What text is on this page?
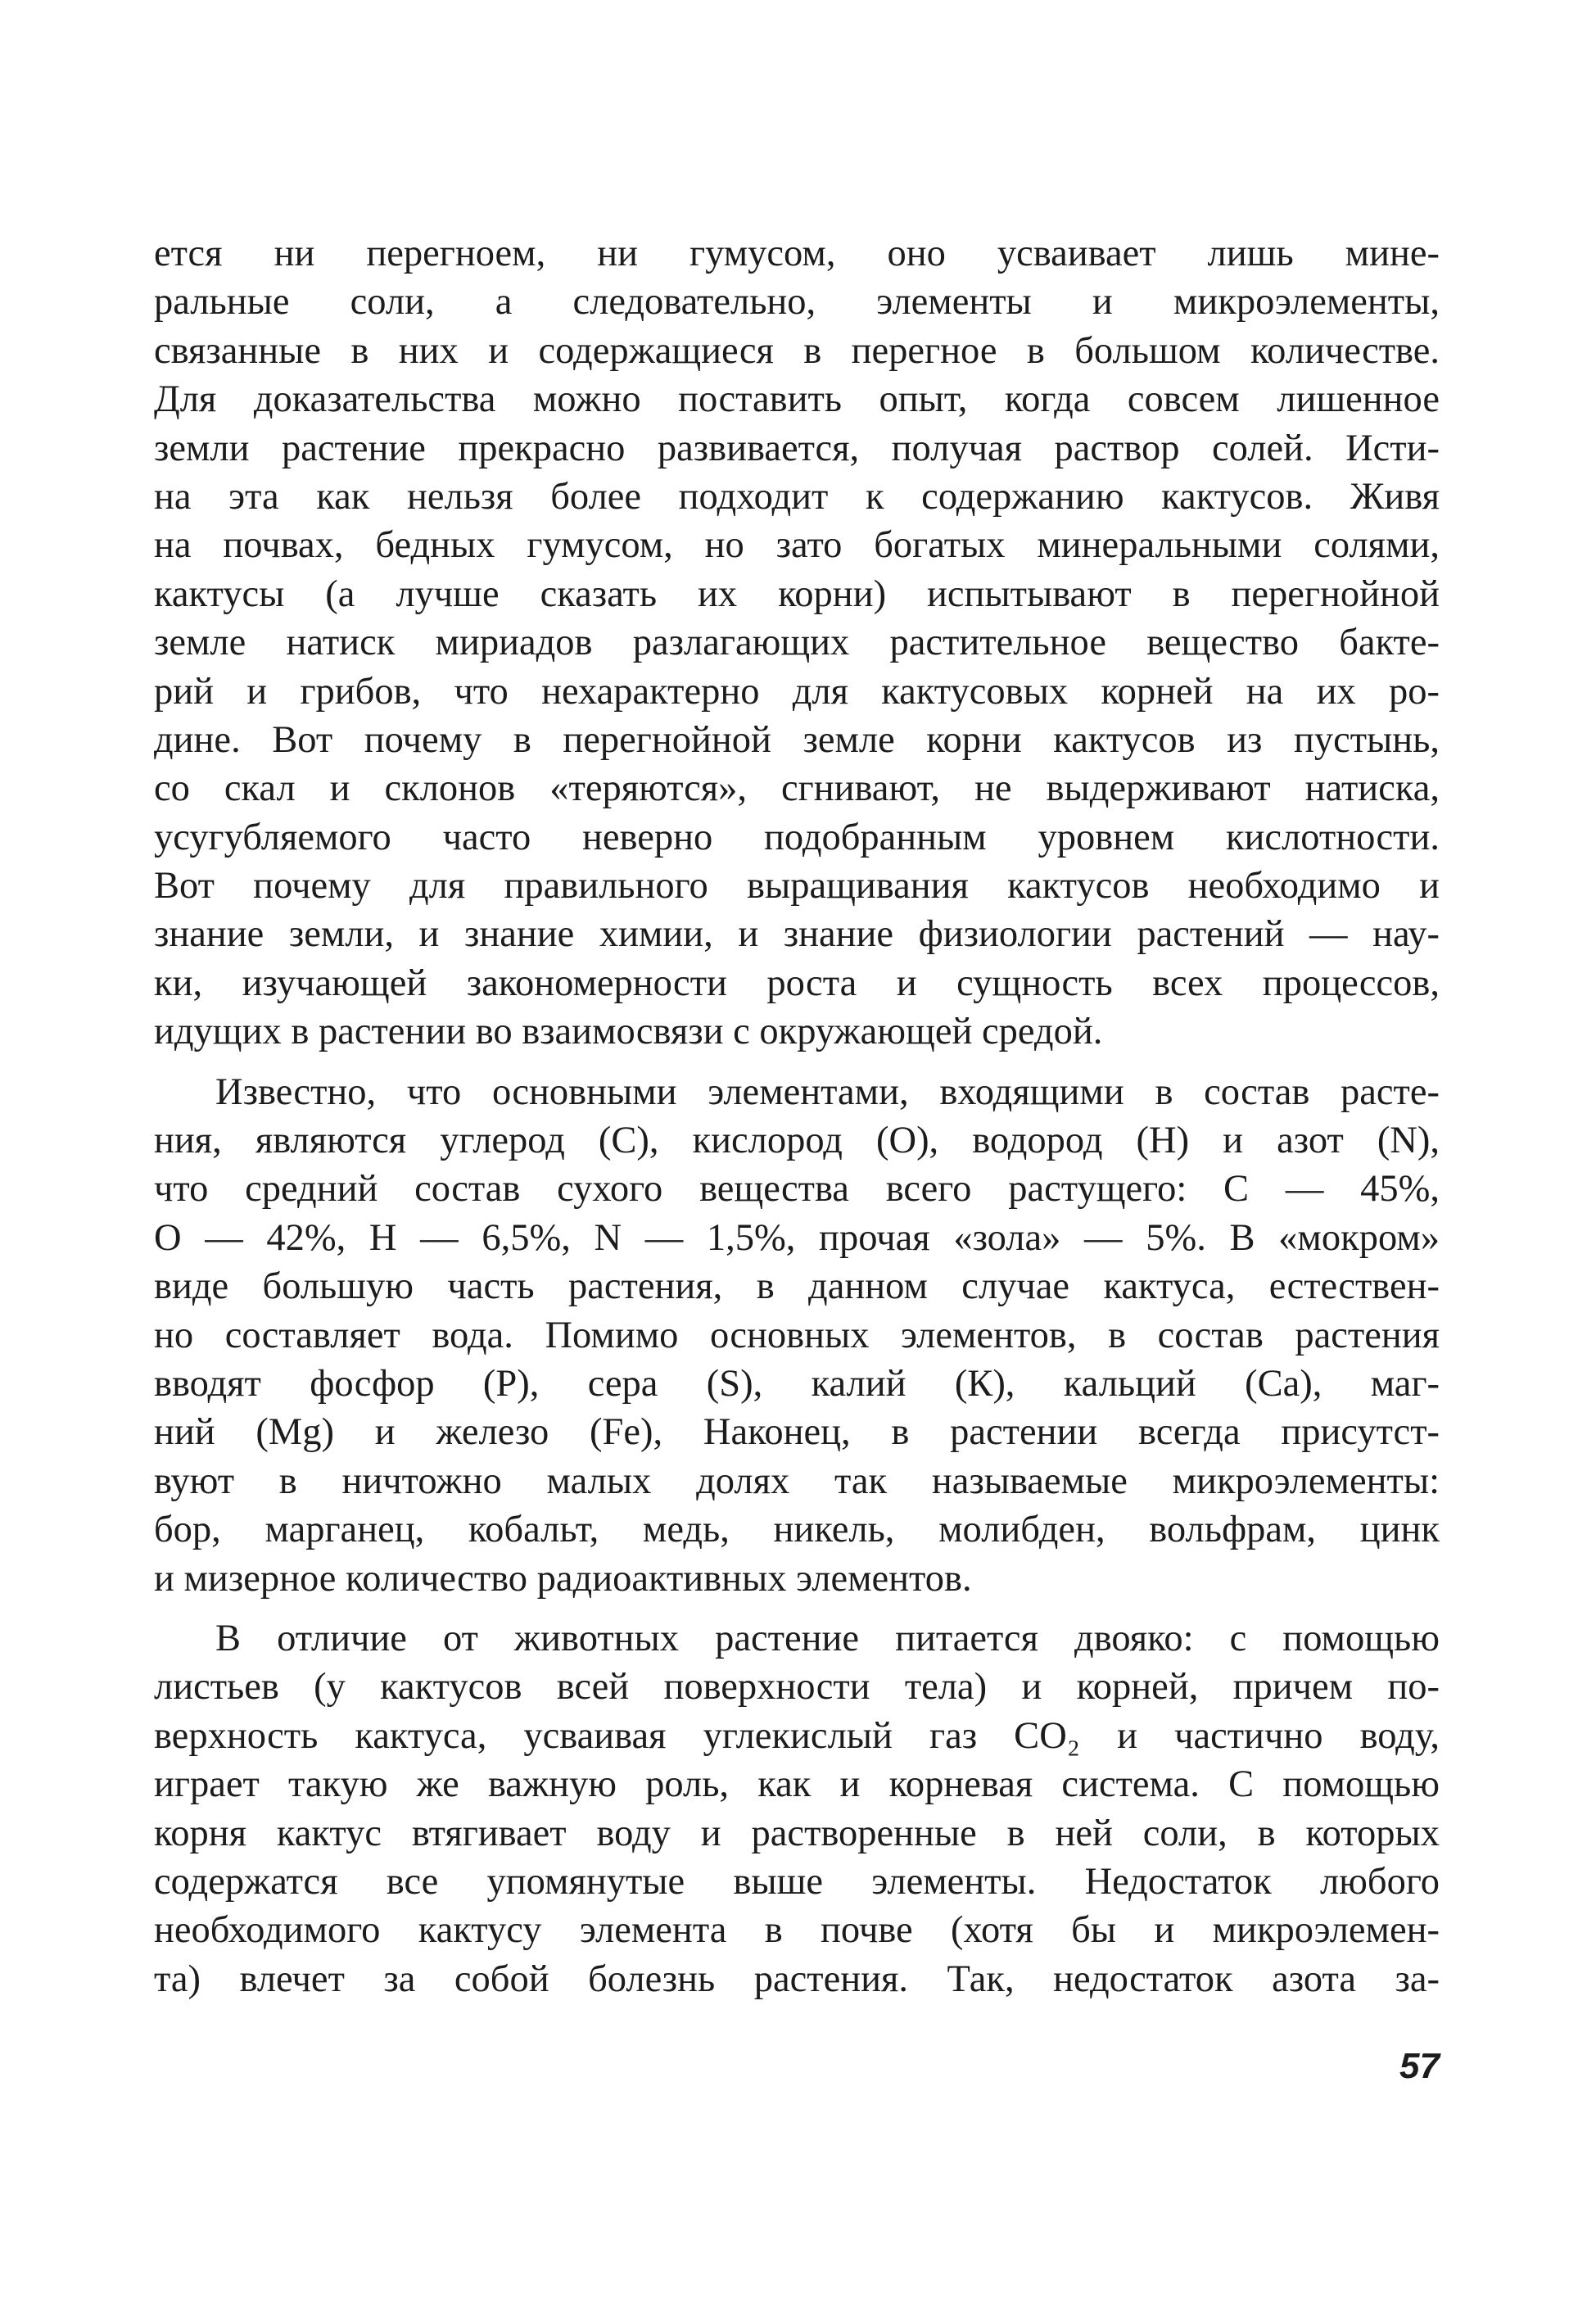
ется ни перегноем, ни гумусом, оно усваивает лишь мине-
ральные соли, а следовательно, элементы и микроэлементы,
связанные в них и содержащиеся в перегное в большом количестве.
Для доказательства можно поставить опыт, когда совсем лишенное
земли растение прекрасно развивается, получая раствор солей. Исти-
на эта как нельзя более подходит к содержанию кактусов. Живя
на почвах, бедных гумусом, но зато богатых минеральными солями,
кактусы (а лучше сказать их корни) испытывают в перегнойной
земле натиск мириадов разлагающих растительное вещество бакте-
рий и грибов, что нехарактерно для кактусовых корней на их ро-
дине. Вот почему в перегнойной земле корни кактусов из пустынь,
со скал и склонов «теряются», сгнивают, не выдерживают натиска,
усугубляемого часто неверно подобранным уровнем кислотности.
Вот почему для правильного выращивания кактусов необходимо и
знание земли, и знание химии, и знание физиологии растений — нау-
ки, изучающей закономерности роста и сущность всех процессов,
идущих в растении во взаимосвязи с окружающей средой.
Известно, что основными элементами, входящими в состав расте-
ния, являются углерод (С), кислород (О), водород (Н) и азот (N),
что средний состав сухого вещества всего растущего: С — 45%,
О — 42%, Н — 6,5%, N — 1,5%, прочая «зола» — 5%. В «мокром»
виде большую часть растения, в данном случае кактуса, естествен-
но составляет вода. Помимо основных элементов, в состав растения
вводят фосфор (Р), сера (S), калий (К), кальций (Са), маг-
ний (Mg) и железо (Fe), Наконец, в растении всегда присутст-
вуют в ничтожно малых долях так называемые микроэлементы:
бор, марганец, кобальт, медь, никель, молибден, вольфрам, цинк
и мизерное количество радиоактивных элементов.
В отличие от животных растение питается двояко: с помощью
листьев (у кактусов всей поверхности тела) и корней, причем по-
верхность кактуса, усваивая углекислый газ СО₂ и частично воду,
играет такую же важную роль, как и корневая система. С помощью
корня кактус втягивает воду и растворенные в ней соли, в которых
содержатся все упомянутые выше элементы. Недостаток любого
необходимого кактусу элемента в почве (хотя бы и микроэлемен-
та) влечет за собой болезнь растения. Так, недостаток азота за-
57
